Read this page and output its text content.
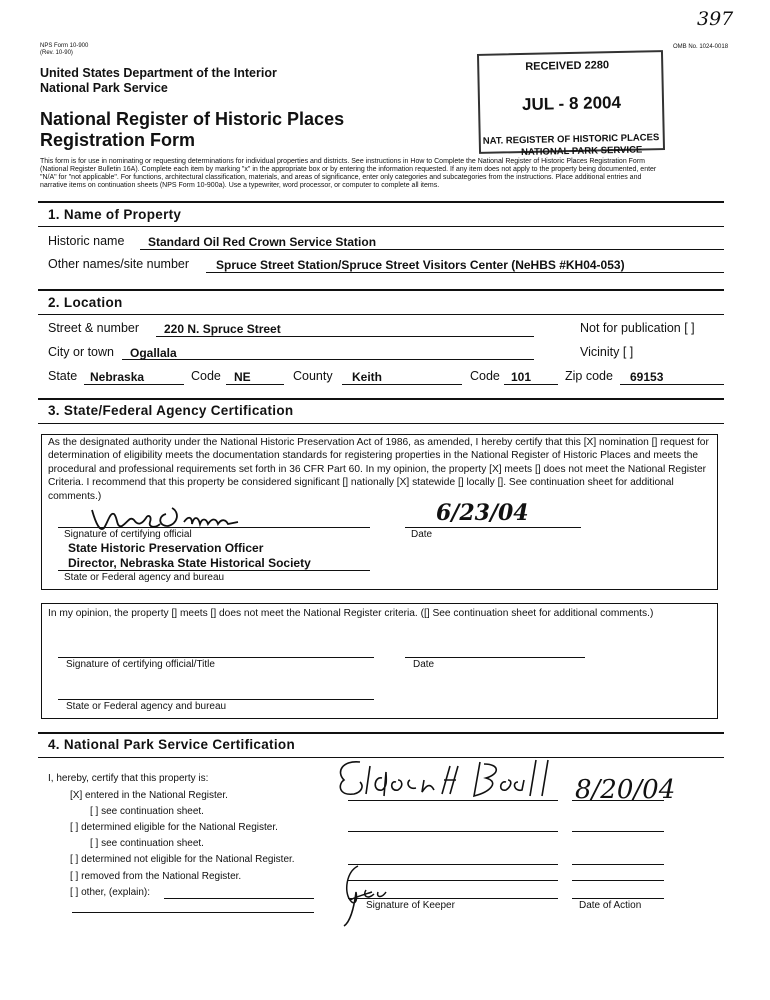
397
NPS Form 10-900
(Rev. 10-90)
OMB No. 1024-0018
United States Department of the Interior
National Park Service
National Register of Historic Places
Registration Form
This form is for use in nominating or requesting determinations for individual properties and districts. See instructions in How to Complete the National Register of Historic Places Registration Form
(National Register Bulletin 16A). Complete each item by marking "x" in the appropriate box or by entering the information requested. If any item does not apply to the property being documented, enter
"N/A" for "not applicable". For functions, architectural classification, materials, and areas of significance, enter only categories and subcategories from the instructions. Place additional entries and
narrative items on continuation sheets (NPS Form 10-900a). Use a typewriter, word processor, or computer to complete all items.
RECEIVED 2280
JUL - 8 2004
NAT. REGISTER OF HISTORIC PLACES
NATIONAL PARK SERVICE
1. Name of Property
Historic name Standard Oil Red Crown Service Station
Other names/site number Spruce Street Station/Spruce Street Visitors Center (NeHBS #KH04-053)
2. Location
Street & number 220 N. Spruce Street	Not for publication [ ]
City or town Ogallala	Vicinity [ ]
State Nebraska	Code NE	County Keith	Code 101	Zip code 69153
3. State/Federal Agency Certification
As the designated authority under the National Historic Preservation Act of 1986, as amended, I hereby certify that this [X] nomination [] request for determination of eligibility meets the documentation standards for registering properties in the National Register of Historic Places and meets the procedural and professional requirements set forth in 36 CFR Part 60. In my opinion, the property [X] meets [] does not meet the National Register Criteria. I recommend that this property be considered significant [] nationally [X] statewide [] locally []. See continuation sheet for additional comments.)
Signature of certifying official
6/23/04
Date
State Historic Preservation Officer
Director, Nebraska State Historical Society
State or Federal agency and bureau
In my opinion, the property [] meets [] does not meet the National Register criteria. ([] See continuation sheet for additional comments.)
Signature of certifying official/Title	Date
State or Federal agency and bureau
4. National Park Service Certification
I, hereby, certify that this property is:
[X] entered in the National Register.
[ ] see continuation sheet.
[ ] determined eligible for the National Register.
[ ] see continuation sheet.
[ ] determined not eligible for the National Register.
[ ] removed from the National Register.
[ ] other, (explain):
8/20/04
Signature of Keeper	Date of Action
